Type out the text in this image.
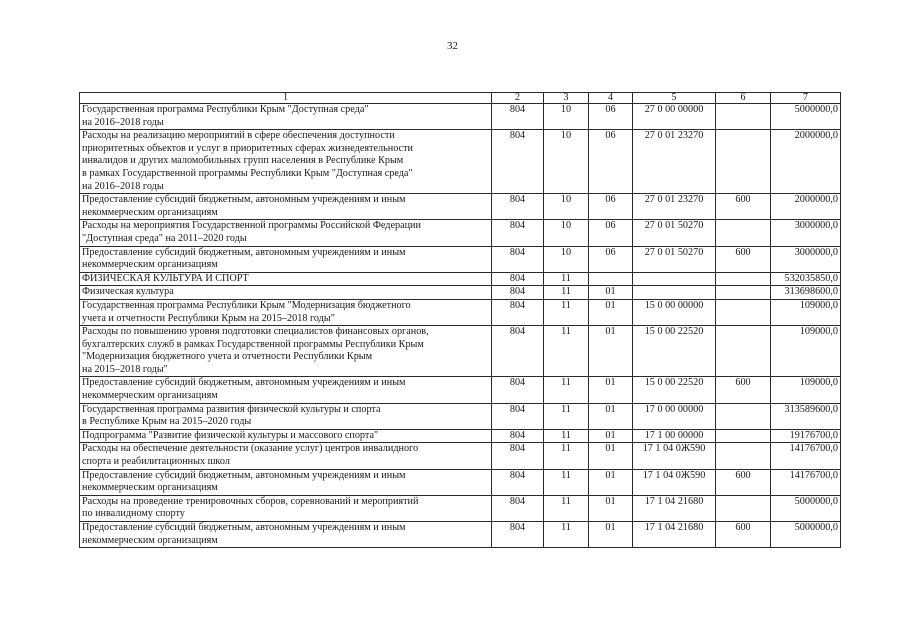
32
1	2	3	4	5	6	7

Государственная программа Республики Крым "Доступная среда"
на 2016–2018 годы	804	10	06	27 0 00 00000		5000000,0

Расходы на реализацию мероприятий в сфере обеспечения доступности
приоритетных объектов и услуг в приоритетных сферах жизнедеятельности
инвалидов и других маломобильных групп населения в Республике Крым
в рамках Государственной программы Республики Крым "Доступная среда"
на 2016–2018 годы	804	10	06	27 0 01 23270		2000000,0

Предоставление субсидий бюджетным, автономным учреждениям и иным
некоммерческим организациям	804	10	06	27 0 01 23270	600	2000000,0

Расходы на мероприятия Государственной программы Российской Федерации
"Доступная среда" на 2011–2020 годы	804	10	06	27 0 01 50270		3000000,0

Предоставление субсидий бюджетным, автономным учреждениям и иным
некоммерческим организациям	804	10	06	27 0 01 50270	600	3000000,0

ФИЗИЧЕСКАЯ КУЛЬТУРА И СПОРТ	804	11				532035850,0

Физическая культура	804	11	01			313698600,0

Государственная программа Республики Крым "Модернизация бюджетного
учета и отчетности Республики Крым на 2015–2018 годы"	804	11	01	15 0 00 00000		109000,0

Расходы по повышению уровня подготовки специалистов финансовых органов,
бухгалтерских служб в рамках Государственной программы Республики Крым
"Модернизация бюджетного учета и отчетности Республики Крым
на 2015–2018 годы"	804	11	01	15 0 00 22520		109000,0

Предоставление субсидий бюджетным, автономным учреждениям и иным
некоммерческим организациям	804	11	01	15 0 00 22520	600	109000,0

Государственная программа развития физической культуры и спорта
в Республике Крым на 2015–2020 годы	804	11	01	17 0 00 00000		313589600,0

Подпрограмма "Развитие физической культуры и массового спорта"	804	11	01	17 1 00 00000		19176700,0

Расходы на обеспечение деятельности (оказание услуг) центров инвалидного
спорта и реабилитационных школ	804	11	01	17 1 04 0Ж590		14176700,0

Предоставление субсидий бюджетным, автономным учреждениям и иным
некоммерческим организациям	804	11	01	17 1 04 0Ж590	600	14176700,0

Расходы на проведение тренировочных сборов, соревнований и мероприятий
по инвалидному спорту	804	11	01	17 1 04 21680		5000000,0

Предоставление субсидий бюджетным, автономным учреждениям и иным
некоммерческим организациям	804	11	01	17 1 04 21680	600	5000000,0
